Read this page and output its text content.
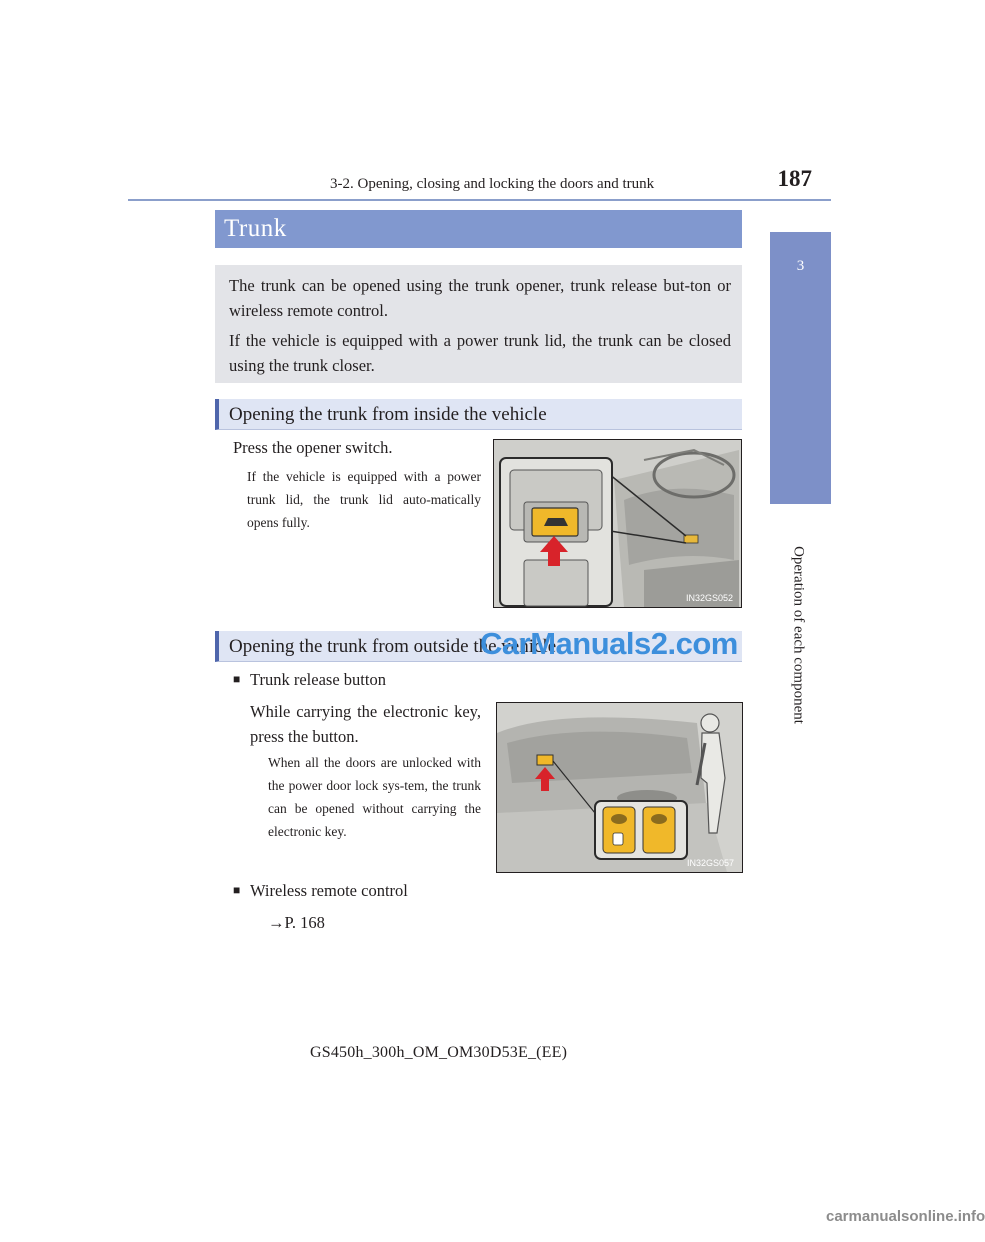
3-2. Opening, closing and locking the doors and trunk	187
3
Operation of each component
Trunk
The trunk can be opened using the trunk opener, trunk release but-ton or wireless remote control.
If the vehicle is equipped with a power trunk lid, the trunk can be closed using the trunk closer.
Opening the trunk from inside the vehicle
Press the opener switch.
If the vehicle is equipped with a power trunk lid, the trunk lid auto-matically opens fully.
IN32GS052
Opening the trunk from outside the vehicle
■ Trunk release button
While carrying the electronic key, press the button.
When all the doors are unlocked with the power door lock sys-tem, the trunk can be opened without carrying the electronic key.
IN32GS057
■ Wireless remote control
→P. 168
GS450h_300h_OM_OM30D53E_(EE)
CarManuals2.com
carmanualsonline.info
